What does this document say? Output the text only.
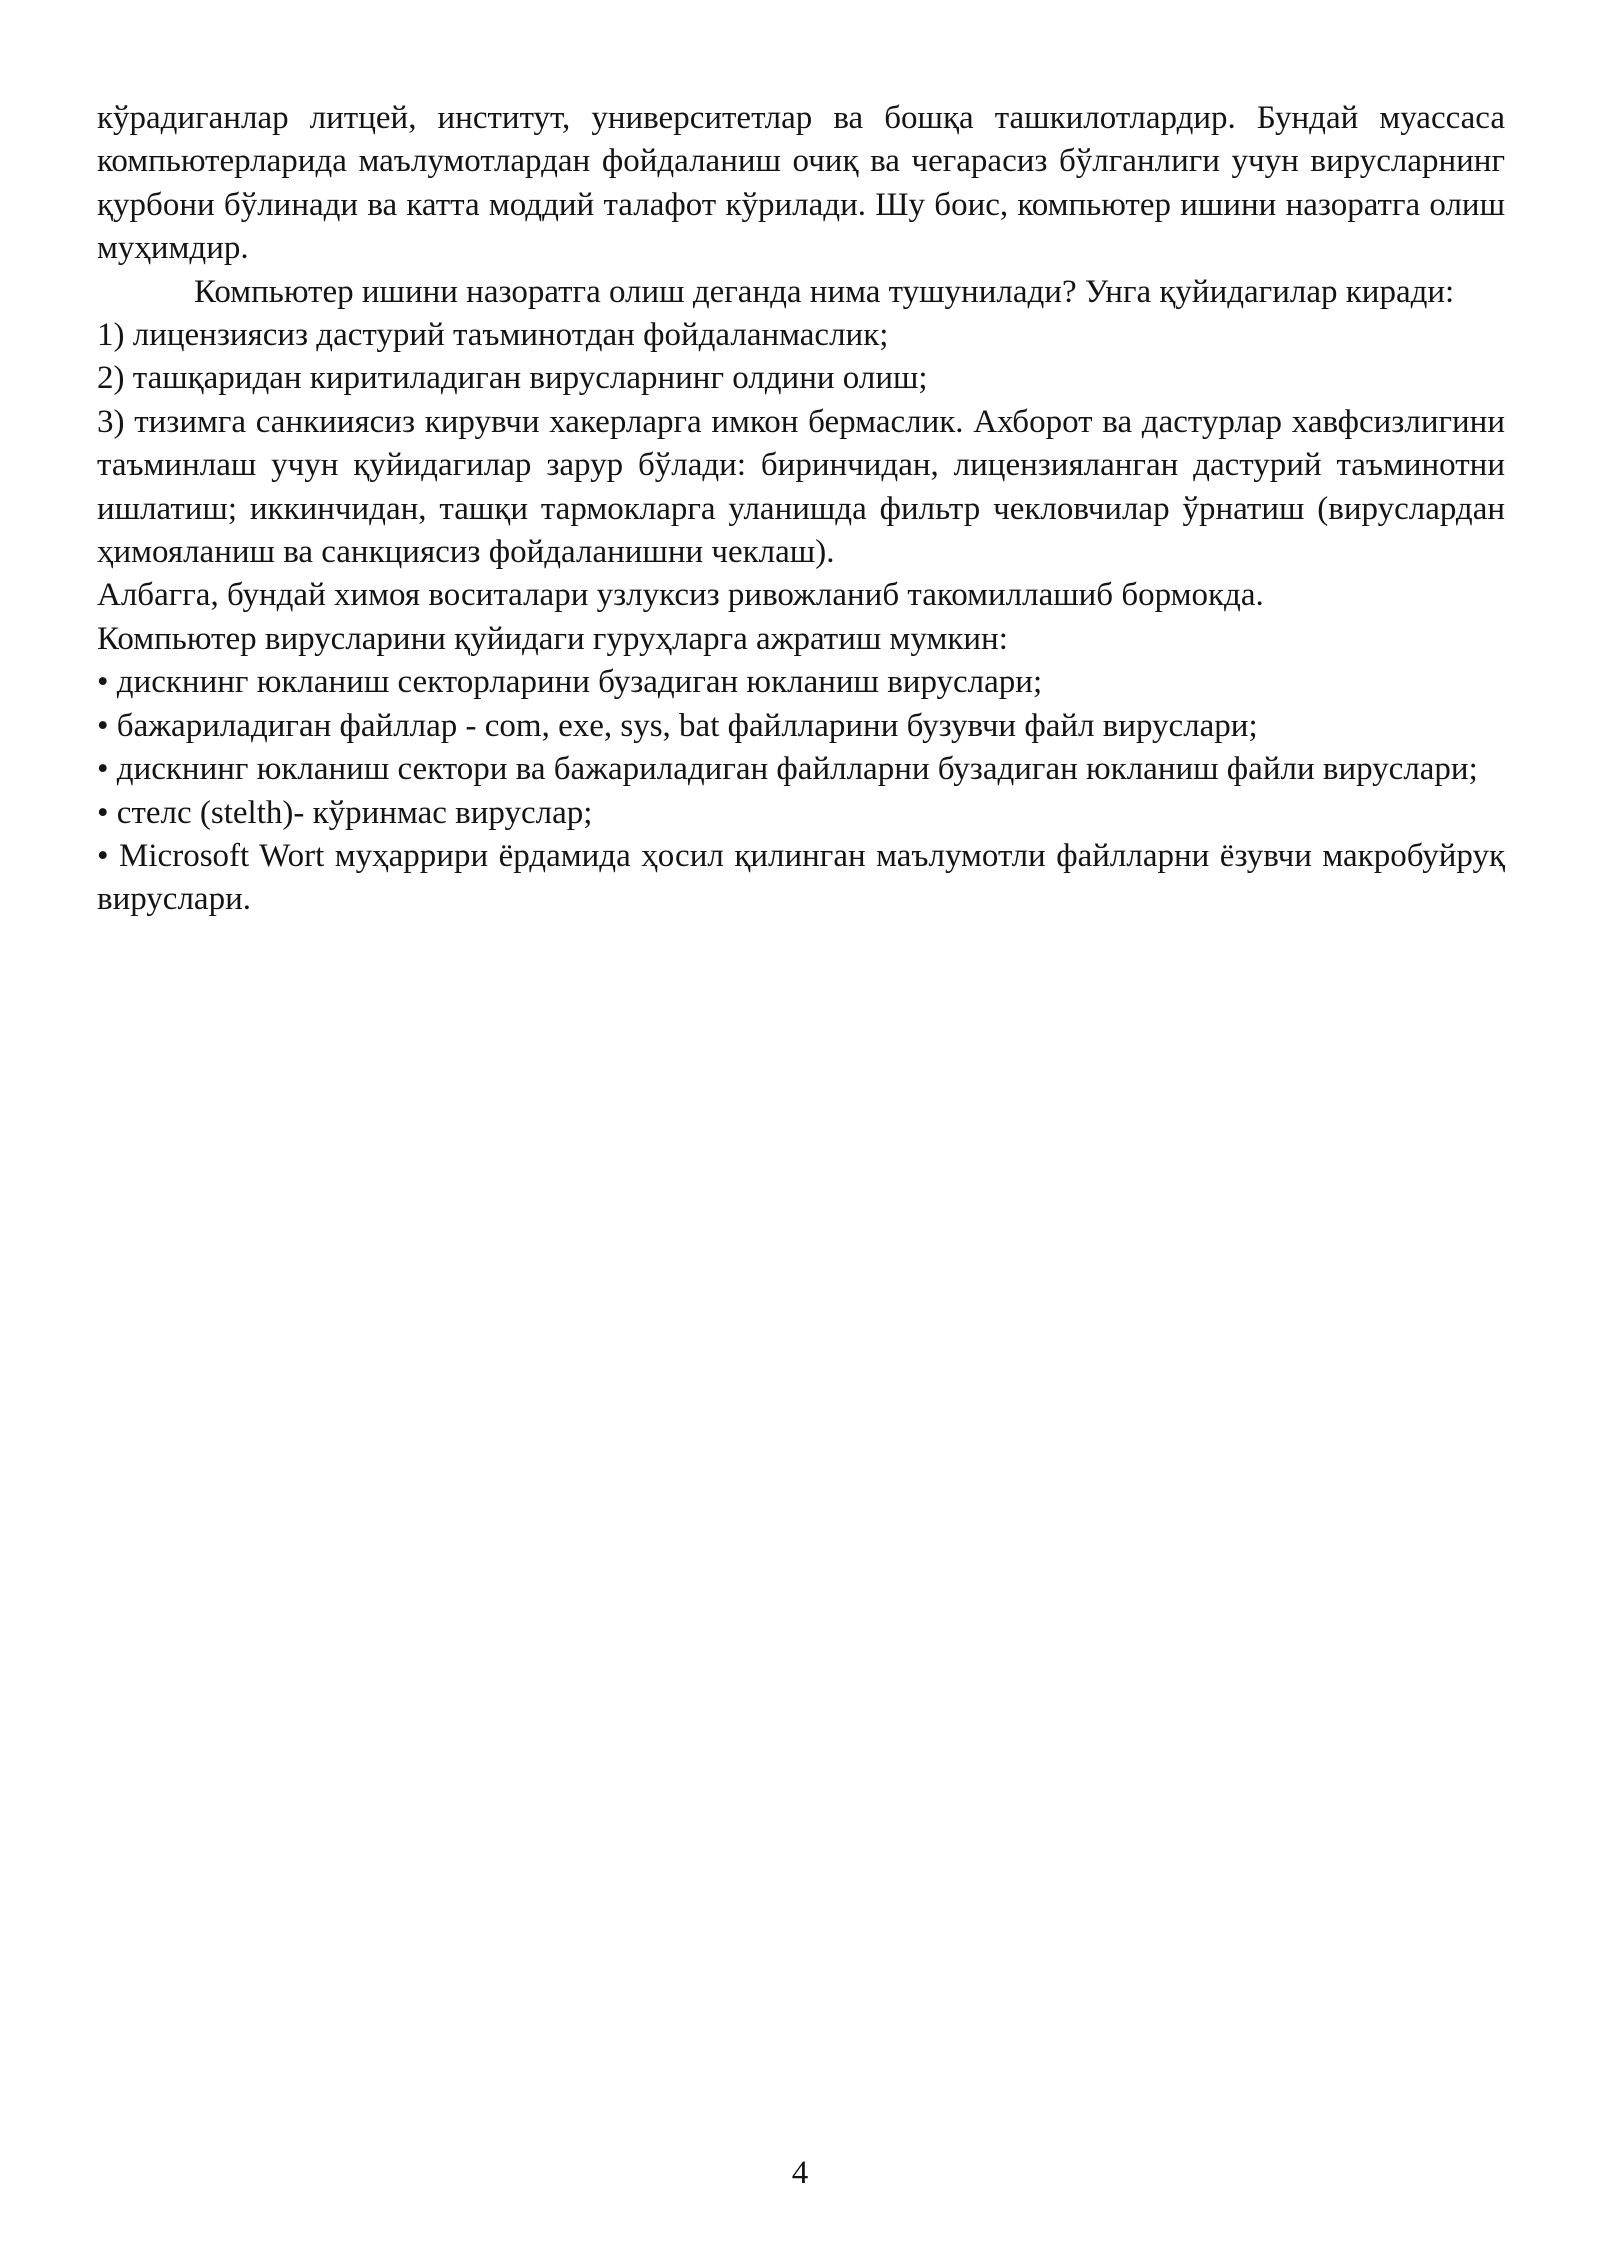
кўрадиганлар литцей, институт, университетлар ва бошқа ташкилотлардир. Бундай муассаса компьютерларида маълумотлардан фойдаланиш очиқ ва чегарасиз бўлганлиги учун вирусларнинг қурбони бўлинади ва катта моддий талафот кўрилади. Шу боис, компьютер ишини назоратга олиш муҳимдир.

Компьютер ишини назоратга олиш деганда нима тушунилади? Унга қуйидагилар киради:

1) лицензиясиз дастурий таъминотдан фойдаланмаслик;

2) ташқаридан киритиладиган вирусларнинг олдини олиш;

3) тизимга санкииясиз кирувчи хакерларга имкон бермаслик. Ахборот ва дастурлар хавфсизлигини таъминлаш учун қуйидагилар зарур бўлади: биринчидан, лицензияланган дастурий таъминотни ишлатиш; иккинчидан, ташқи тармокларга уланишда фильтр чекловчилар ўрнатиш (вируслардан ҳимояланиш ва санкциясиз фойдаланишни чеклаш).

Албагга, бундай химоя воситалари узлуксиз ривожланиб такомиллашиб бормокда.

Компьютер вирусларини қуйидаги гуруҳларга ажратиш мумкин:

• дискнинг юкланиш секторларини бузадиган юкланиш вируслари;

• бажариладиган файллар - com, exe, sys, bat файлларини бузувчи файл вируслари;

• дискнинг юкланиш сектори ва бажариладиган файлларни бузадиган юкланиш файли вируслари;

• стелс (stelth)- кўринмас вируслар;

• Microsoft Wort муҳаррири ёрдамида ҳосил қилинган маълумотли файлларни ёзувчи макробуйруқ вируслари.

4
